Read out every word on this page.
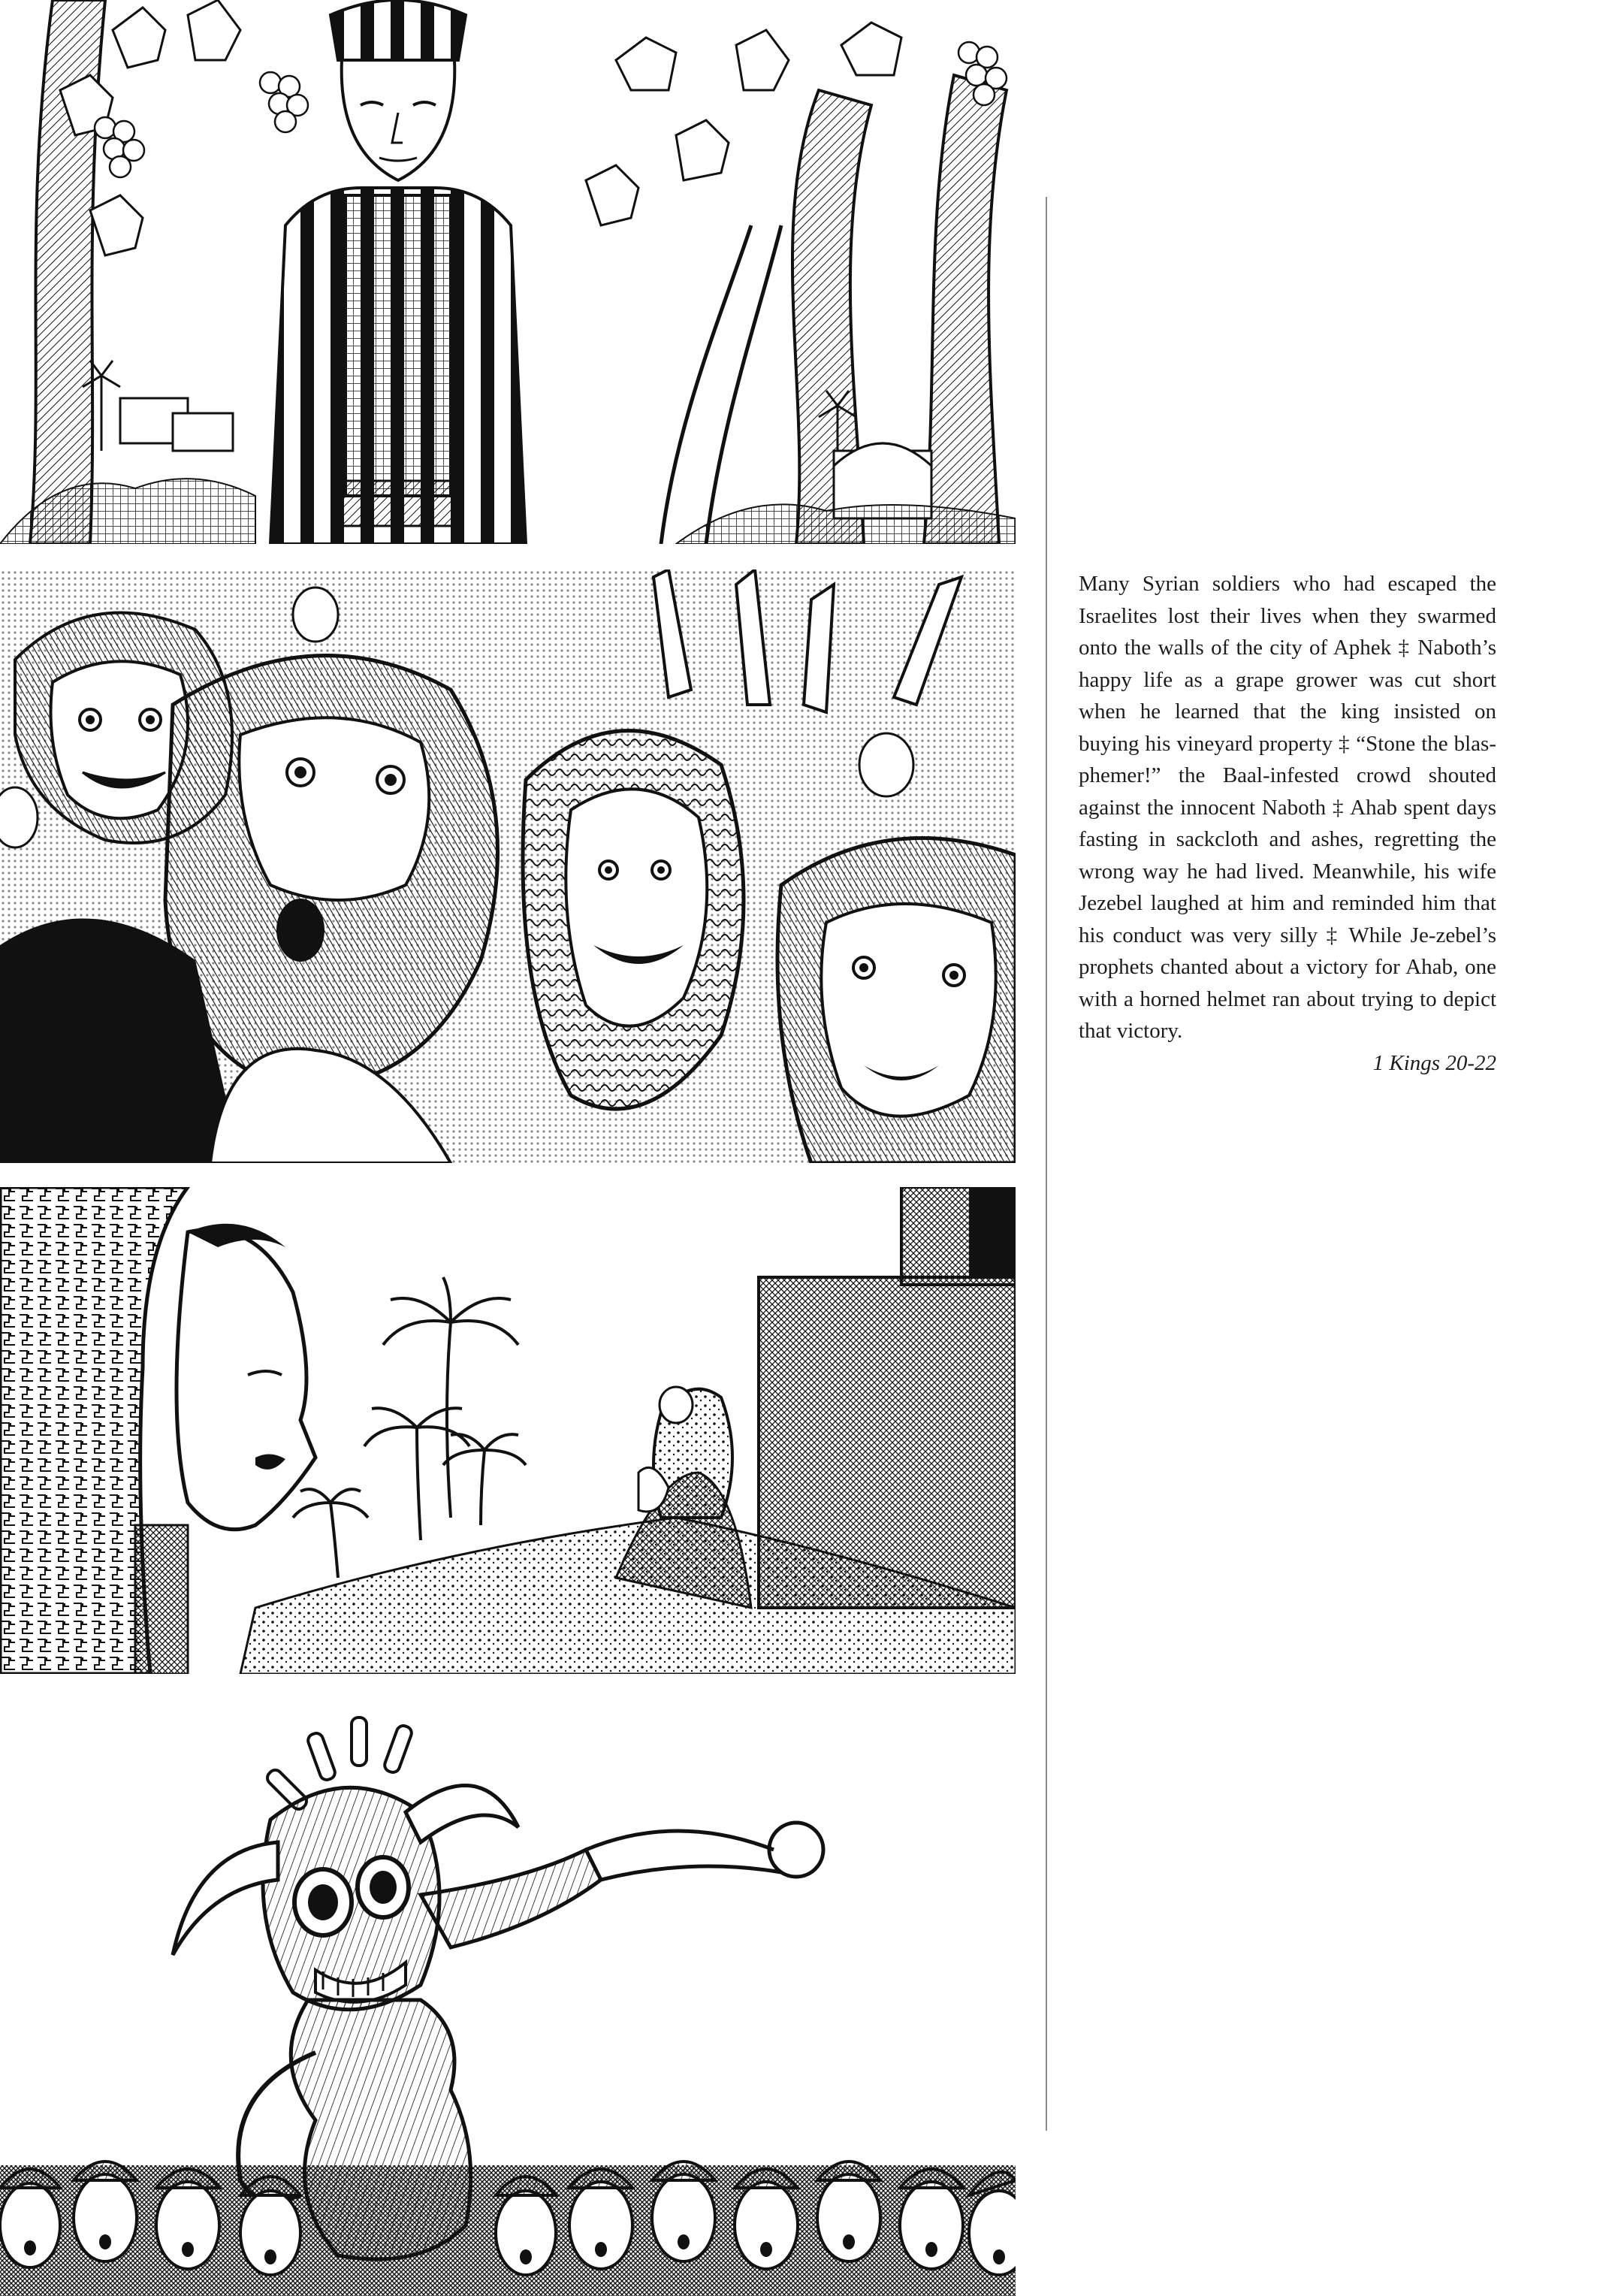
Many Syrian soldiers who had escaped the Israelites lost their lives when they swarmed onto the walls of the city of Aphek ‡ Naboth’s happy life as a grape grower was cut short when he learned that the king insisted on buying his vineyard property ‡ “Stone the blas-phemer!” the Baal-infested crowd shouted against the innocent Naboth ‡ Ahab spent days fasting in sackcloth and ashes, regretting the wrong way he had lived. Meanwhile, his wife Jezebel laughed at him and reminded him that his conduct was very silly ‡ While Je-zebel’s prophets chanted about a victory for Ahab, one with a horned helmet ran about trying to depict that victory.

1 Kings 20-22
